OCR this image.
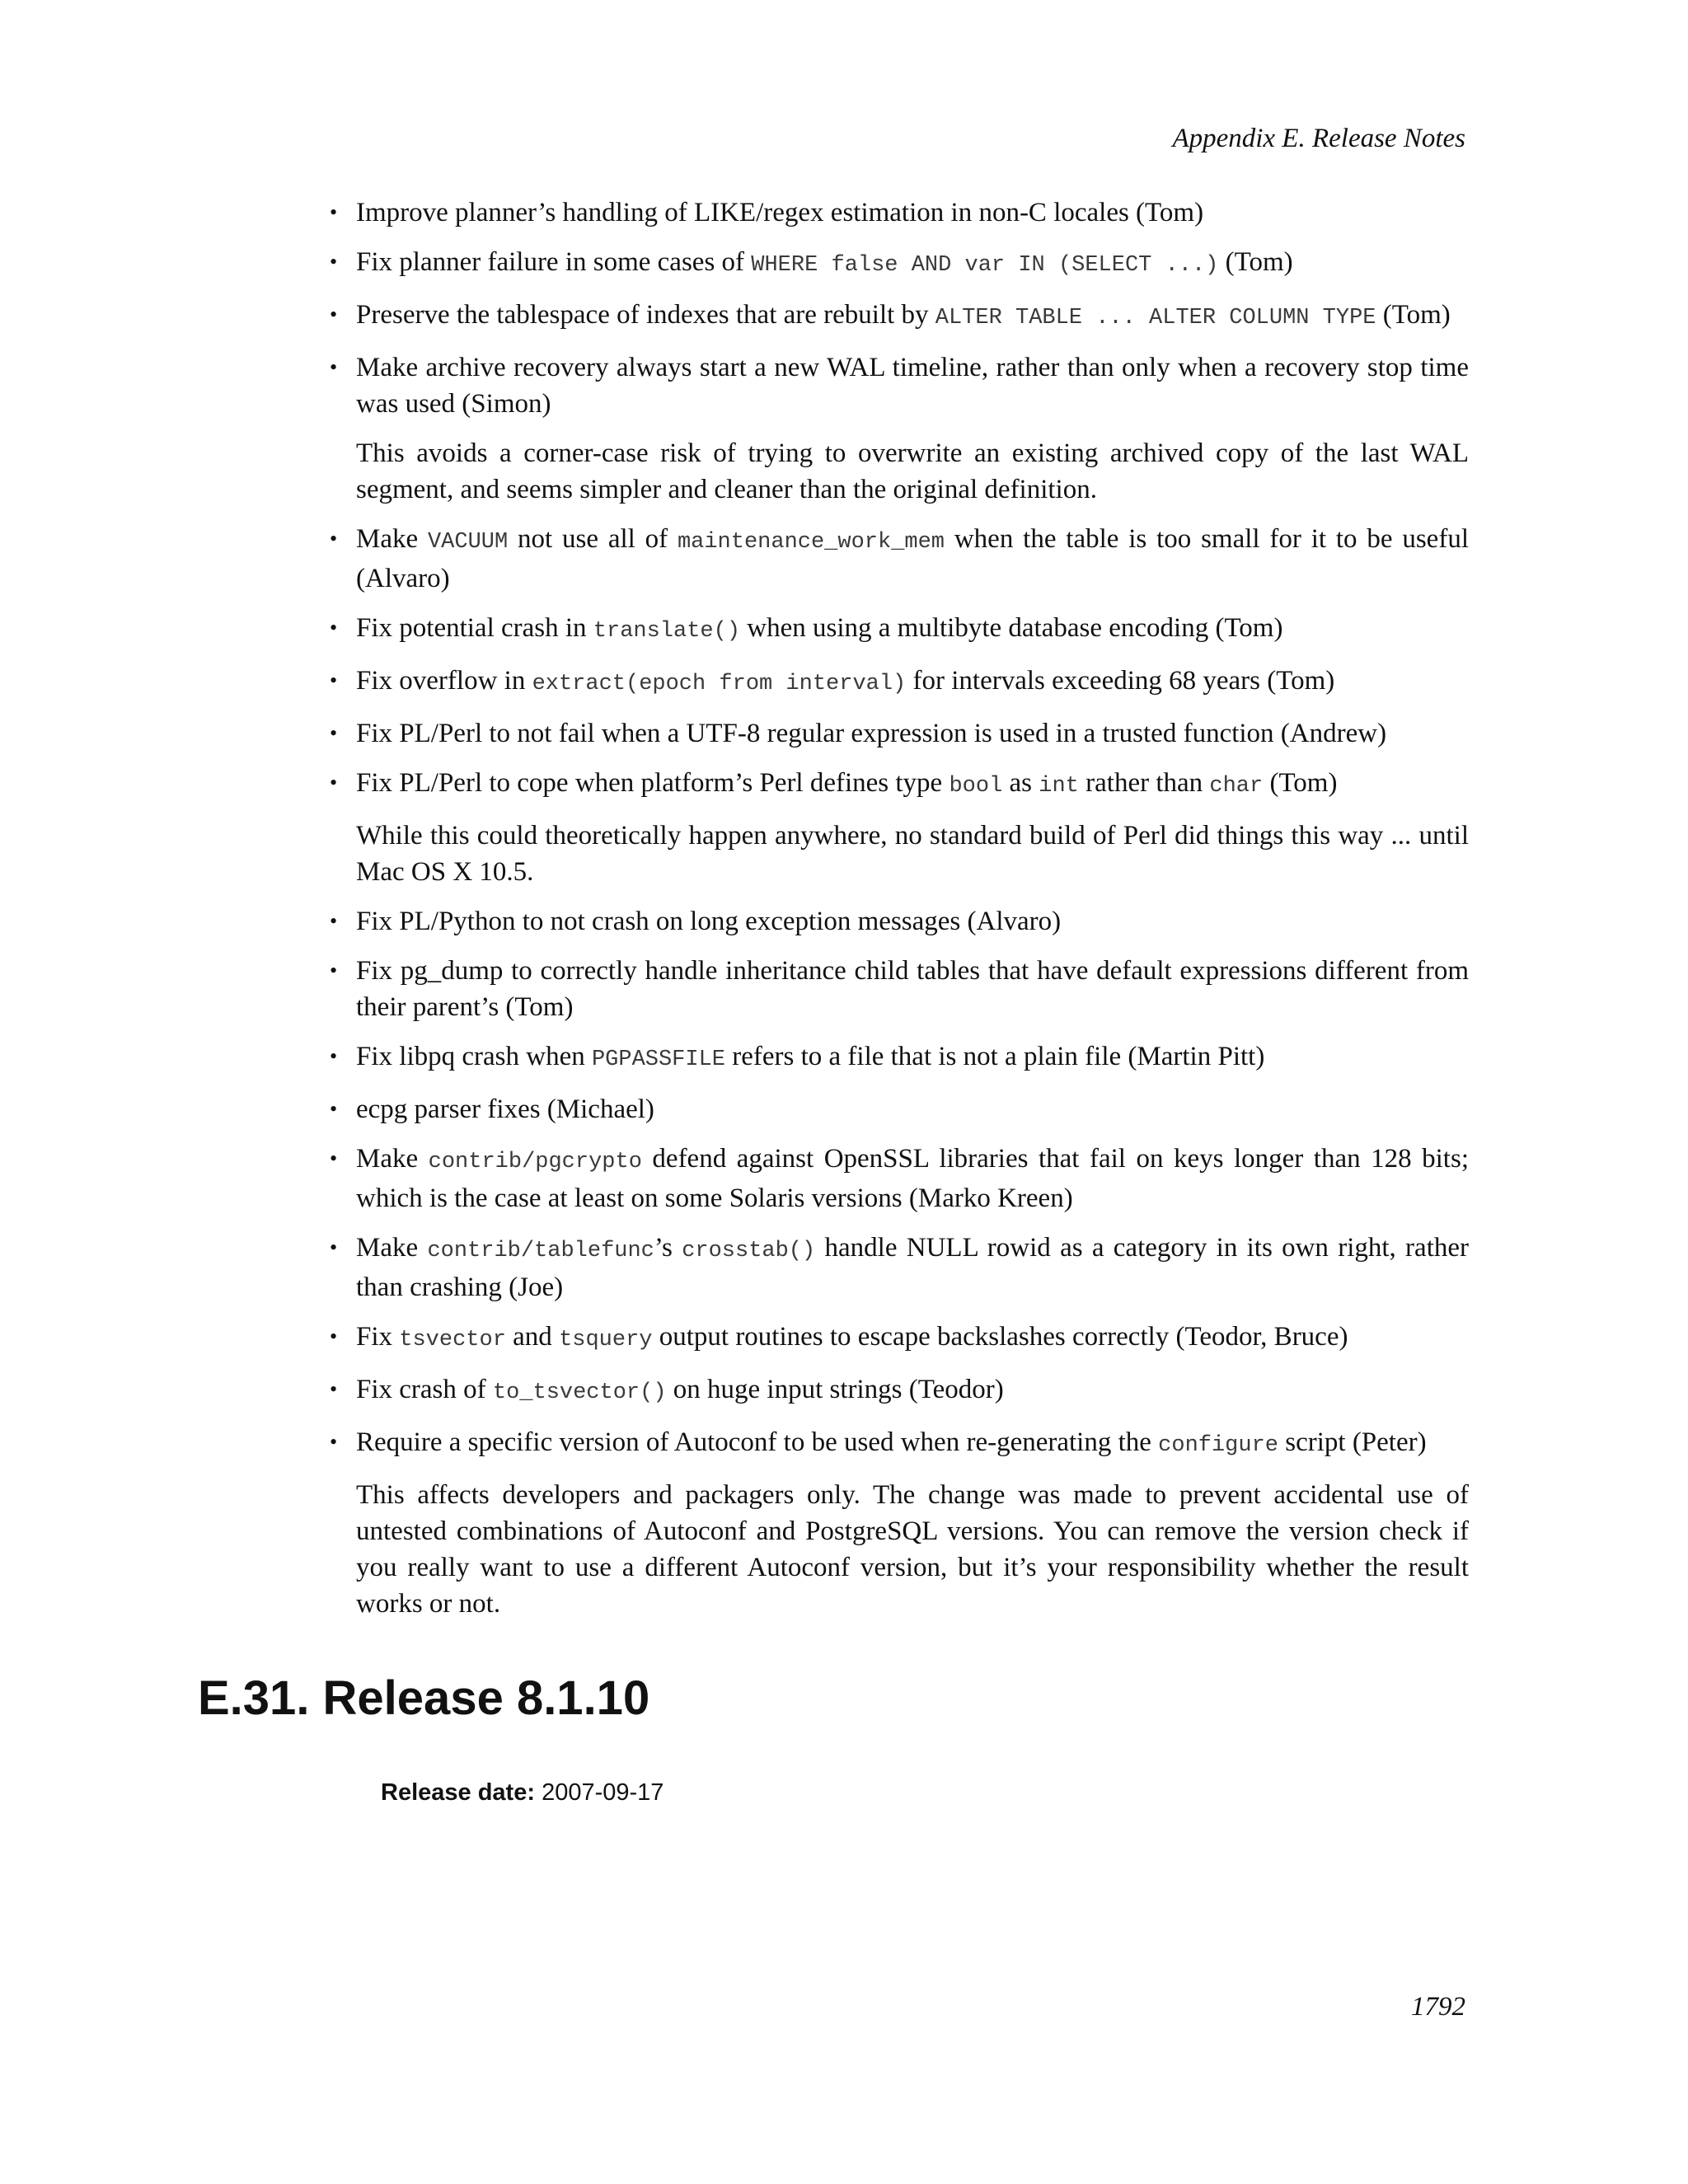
Appendix E. Release Notes

• Improve planner’s handling of LIKE/regex estimation in non-C locales (Tom)

• Fix planner failure in some cases of WHERE false AND var IN (SELECT ...) (Tom)

• Preserve the tablespace of indexes that are rebuilt by ALTER TABLE ... ALTER COLUMN TYPE (Tom)

• Make archive recovery always start a new WAL timeline, rather than only when a recovery stop time was used (Simon)

This avoids a corner-case risk of trying to overwrite an existing archived copy of the last WAL segment, and seems simpler and cleaner than the original definition.

• Make VACUUM not use all of maintenance_work_mem when the table is too small for it to be useful (Alvaro)

• Fix potential crash in translate() when using a multibyte database encoding (Tom)

• Fix overflow in extract(epoch from interval) for intervals exceeding 68 years (Tom)

• Fix PL/Perl to not fail when a UTF-8 regular expression is used in a trusted function (Andrew)

• Fix PL/Perl to cope when platform’s Perl defines type bool as int rather than char (Tom)

While this could theoretically happen anywhere, no standard build of Perl did things this way ... until Mac OS X 10.5.

• Fix PL/Python to not crash on long exception messages (Alvaro)

• Fix pg_dump to correctly handle inheritance child tables that have default expressions different from their parent’s (Tom)

• Fix libpq crash when PGPASSFILE refers to a file that is not a plain file (Martin Pitt)

• ecpg parser fixes (Michael)

• Make contrib/pgcrypto defend against OpenSSL libraries that fail on keys longer than 128 bits; which is the case at least on some Solaris versions (Marko Kreen)

• Make contrib/tablefunc’s crosstab() handle NULL rowid as a category in its own right, rather than crashing (Joe)

• Fix tsvector and tsquery output routines to escape backslashes correctly (Teodor, Bruce)

• Fix crash of to_tsvector() on huge input strings (Teodor)

• Require a specific version of Autoconf to be used when re-generating the configure script (Peter)

This affects developers and packagers only. The change was made to prevent accidental use of untested combinations of Autoconf and PostgreSQL versions. You can remove the version check if you really want to use a different Autoconf version, but it’s your responsibility whether the result works or not.

E.31. Release 8.1.10
Release date: 2007-09-17
1792
